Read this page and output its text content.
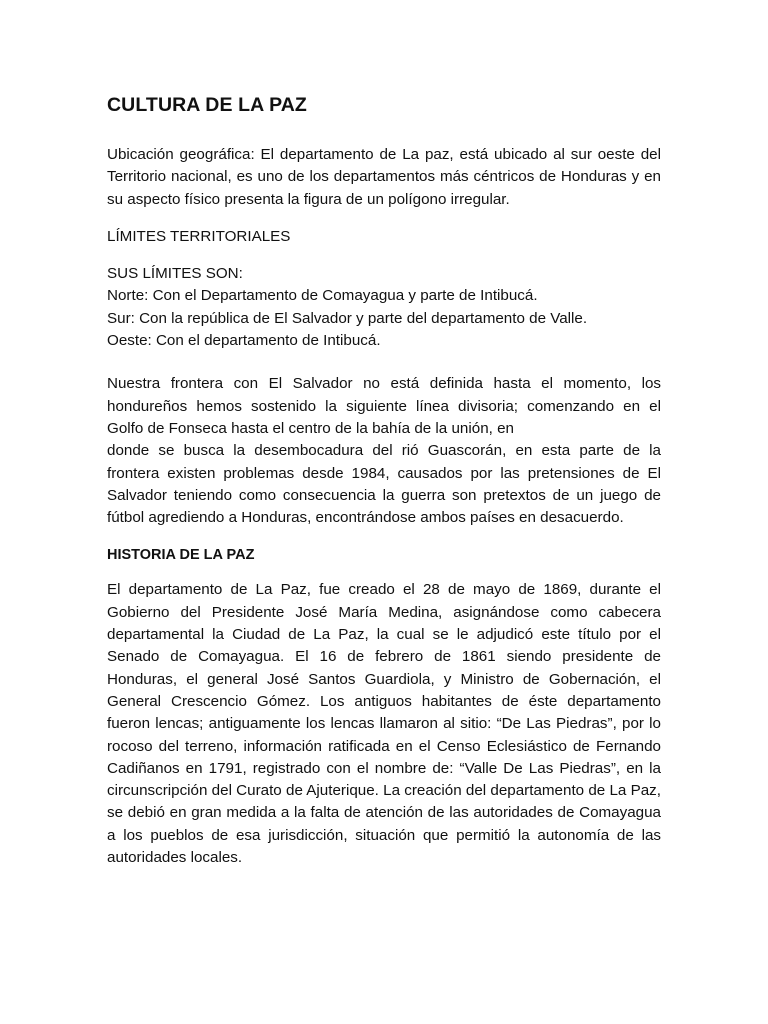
CULTURA DE LA PAZ

Ubicación geográfica: El departamento de La paz, está ubicado al sur oeste del Territorio nacional, es uno de los departamentos más céntricos de Honduras y en su aspecto físico presenta la figura de un polígono irregular.

LÍMITES TERRITORIALES

SUS LÍMITES SON:
Norte: Con el Departamento de Comayagua y parte de Intibucá.
Sur: Con la república de El Salvador y parte del departamento de Valle.
Oeste: Con el departamento de Intibucá.
Nuestra frontera con El Salvador no está definida hasta el momento, los
hondureños hemos sostenido la siguiente línea divisoria; comenzando en el
Golfo de Fonseca hasta el centro de la bahía de la unión, en
donde se busca la desembocadura del rió Guascorán, en esta parte de la
frontera existen problemas desde 1984, causados por las pretensiones de El
Salvador teniendo como consecuencia la guerra son pretextos de un juego de
fútbol agrediendo a Honduras, encontrándose ambos países en desacuerdo.
HISTORIA DE LA PAZ

El departamento de La Paz, fue creado el 28 de mayo de 1869, durante el Gobierno del Presidente José María Medina, asignándose como cabecera departamental la Ciudad de La Paz, la cual se le adjudicó este título por el Senado de Comayagua. El 16 de febrero de 1861 siendo presidente de Honduras, el general José Santos Guardiola, y Ministro de Gobernación, el General Crescencio Gómez. Los antiguos habitantes de éste departamento fueron lencas; antiguamente los lencas llamaron al sitio: “De Las Piedras”, por lo rocoso del terreno, información ratificada en el Censo Eclesiástico de Fernando Cadiñanos en 1791, registrado con el nombre de: “Valle De Las Piedras”, en la circunscripción del Curato de Ajuterique. La creación del departamento de La Paz, se debió en gran medida a la falta de atención de las autoridades de Comayagua a los pueblos de esa jurisdicción, situación que permitió la autonomía de las autoridades locales.
